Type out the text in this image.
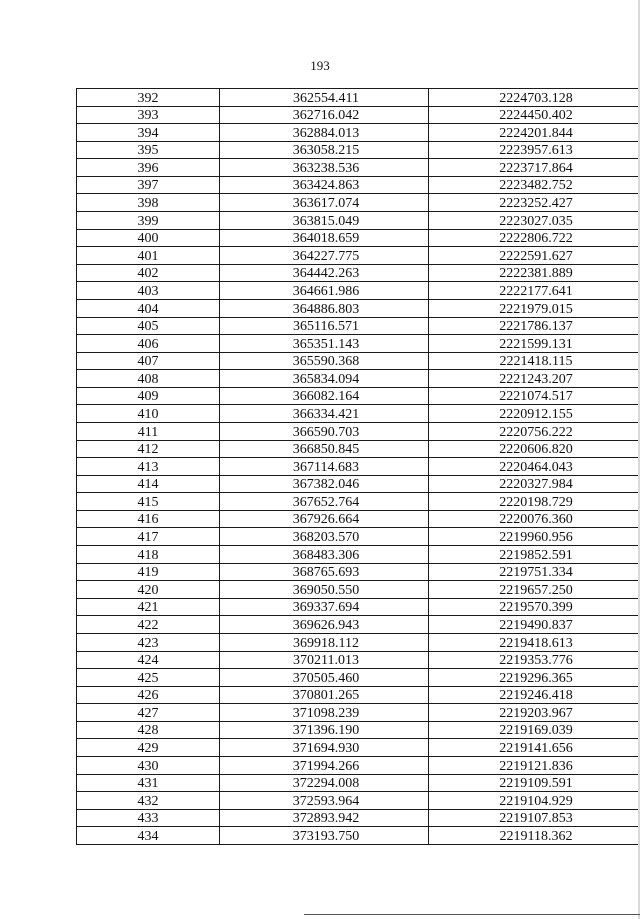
193
392	362554.411	2224703.128
393	362716.042	2224450.402
394	362884.013	2224201.844
395	363058.215	2223957.613
396	363238.536	2223717.864
397	363424.863	2223482.752
398	363617.074	2223252.427
399	363815.049	2223027.035
400	364018.659	2222806.722
401	364227.775	2222591.627
402	364442.263	2222381.889
403	364661.986	2222177.641
404	364886.803	2221979.015
405	365116.571	2221786.137
406	365351.143	2221599.131
407	365590.368	2221418.115
408	365834.094	2221243.207
409	366082.164	2221074.517
410	366334.421	2220912.155
411	366590.703	2220756.222
412	366850.845	2220606.820
413	367114.683	2220464.043
414	367382.046	2220327.984
415	367652.764	2220198.729
416	367926.664	2220076.360
417	368203.570	2219960.956
418	368483.306	2219852.591
419	368765.693	2219751.334
420	369050.550	2219657.250
421	369337.694	2219570.399
422	369626.943	2219490.837
423	369918.112	2219418.613
424	370211.013	2219353.776
425	370505.460	2219296.365
426	370801.265	2219246.418
427	371098.239	2219203.967
428	371396.190	2219169.039
429	371694.930	2219141.656
430	371994.266	2219121.836
431	372294.008	2219109.591
432	372593.964	2219104.929
433	372893.942	2219107.853
434	373193.750	2219118.362
